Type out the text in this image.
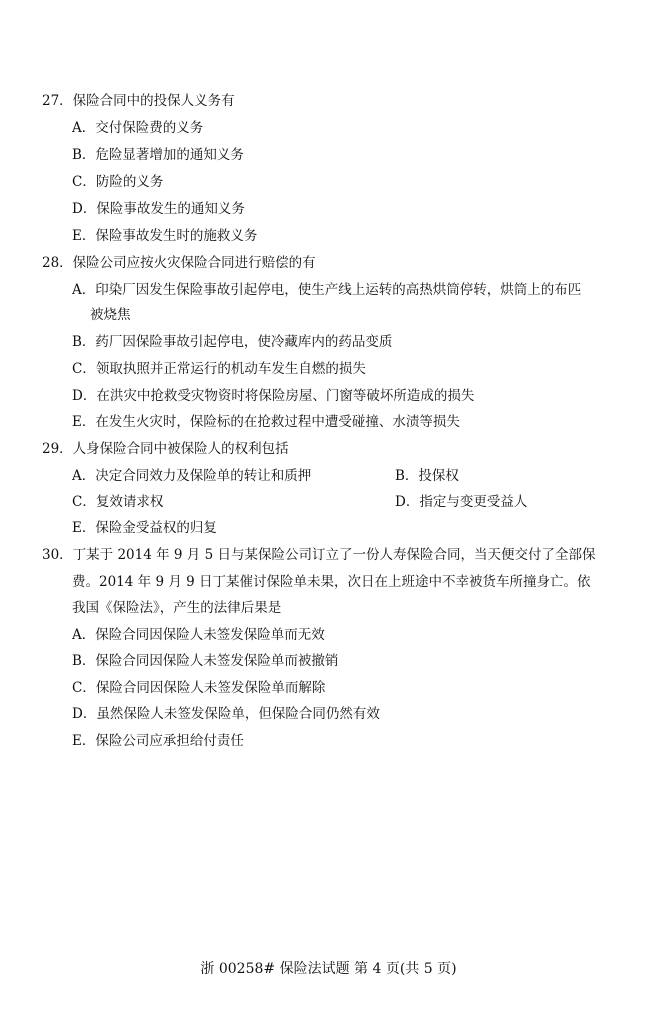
27．保险合同中的投保人义务有
A．交付保险费的义务
B．危险显著增加的通知义务
C．防险的义务
D．保险事故发生的通知义务
E．保险事故发生时的施救义务
28．保险公司应按火灾保险合同进行赔偿的有
A．印染厂因发生保险事故引起停电，使生产线上运转的高热烘筒停转，烘筒上的布匹
被烧焦
B．药厂因保险事故引起停电，使冷藏库内的药品变质
C．领取执照并正常运行的机动车发生自燃的损失
D．在洪灾中抢救受灾物资时将保险房屋、门窗等破坏所造成的损失
E．在发生火灾时，保险标的在抢救过程中遭受碰撞、水渍等损失
29．人身保险合同中被保险人的权利包括
A．决定合同效力及保险单的转让和质押	B．投保权
C．复效请求权	D．指定与变更受益人
E．保险金受益权的归复
30．丁某于 2014 年 9 月 5 日与某保险公司订立了一份人寿保险合同，当天便交付了全部保
费。2014 年 9 月 9 日丁某催讨保险单未果，次日在上班途中不幸被货车所撞身亡。依
我国《保险法》，产生的法律后果是
A．保险合同因保险人未签发保险单而无效
B．保险合同因保险人未签发保险单而被撤销
C．保险合同因保险人未签发保险单而解除
D．虽然保险人未签发保险单，但保险合同仍然有效
E．保险公司应承担给付责任
浙 00258# 保险法试题 第 4 页(共 5 页)
